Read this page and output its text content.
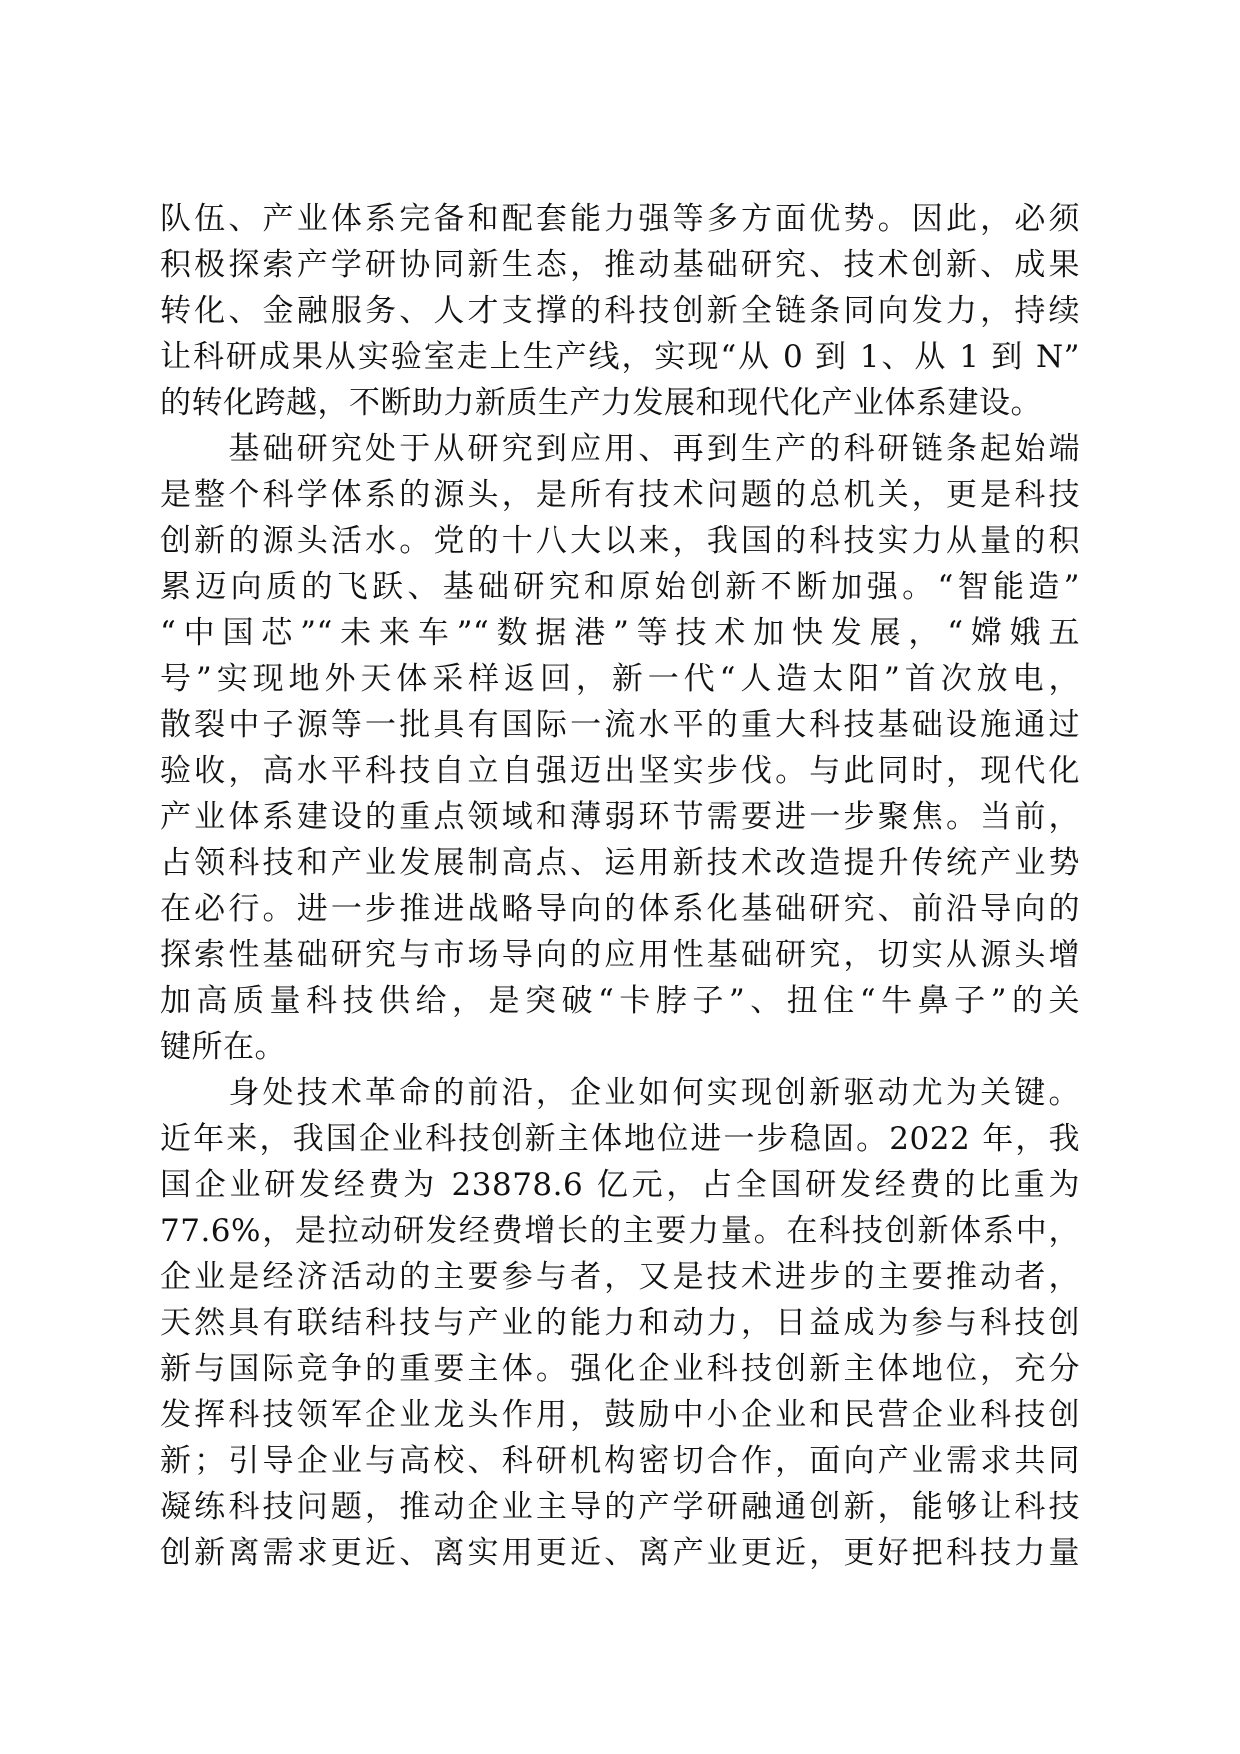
队伍、产业体系完备和配套能力强等多方面优势。因此，必须
积极探索产学研协同新生态，推动基础研究、技术创新、成果
转化、金融服务、人才支撑的科技创新全链条同向发力，持续
让科研成果从实验室走上生产线，实现“从 0 到 1、从 1 到 N”
的转化跨越，不断助力新质生产力发展和现代化产业体系建设。
　　基础研究处于从研究到应用、再到生产的科研链条起始端
是整个科学体系的源头，是所有技术问题的总机关，更是科技
创新的源头活水。党的十八大以来，我国的科技实力从量的积
累迈向质的飞跃、基础研究和原始创新不断加强。“智能造”
“中国芯”“未来车”“数据港”等技术加快发展，“嫦娥五
号”实现地外天体采样返回，新一代“人造太阳”首次放电，
散裂中子源等一批具有国际一流水平的重大科技基础设施通过
验收，高水平科技自立自强迈出坚实步伐。与此同时，现代化
产业体系建设的重点领域和薄弱环节需要进一步聚焦。当前，
占领科技和产业发展制高点、运用新技术改造提升传统产业势
在必行。进一步推进战略导向的体系化基础研究、前沿导向的
探索性基础研究与市场导向的应用性基础研究，切实从源头增
加高质量科技供给，是突破“卡脖子”、扭住“牛鼻子”的关
键所在。
　　身处技术革命的前沿，企业如何实现创新驱动尤为关键。
近年来，我国企业科技创新主体地位进一步稳固。2022 年，我
国企业研发经费为 23878.6 亿元，占全国研发经费的比重为
77.6%，是拉动研发经费增长的主要力量。在科技创新体系中，
企业是经济活动的主要参与者，又是技术进步的主要推动者，
天然具有联结科技与产业的能力和动力，日益成为参与科技创
新与国际竞争的重要主体。强化企业科技创新主体地位，充分
发挥科技领军企业龙头作用，鼓励中小企业和民营企业科技创
新；引导企业与高校、科研机构密切合作，面向产业需求共同
凝练科技问题，推动企业主导的产学研融通创新，能够让科技
创新离需求更近、离实用更近、离产业更近，更好把科技力量
